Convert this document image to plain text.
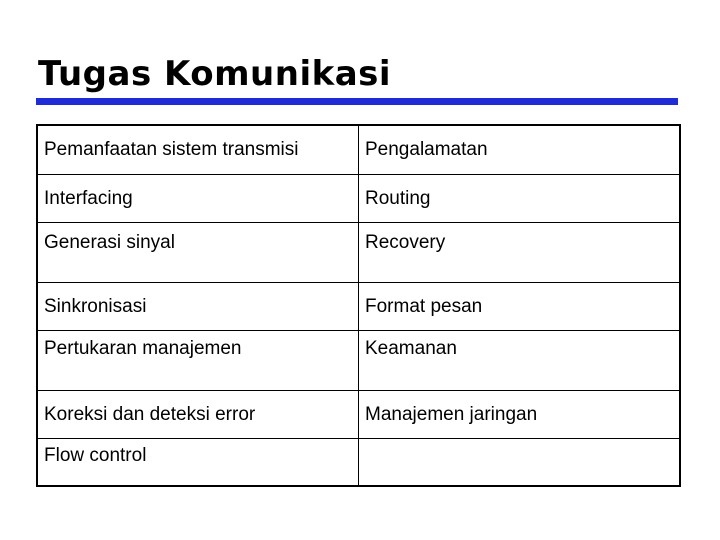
Tugas Komunikasi
Pemanfaatan sistem transmisi	Pengalamatan
Interfacing	Routing
Generasi sinyal	Recovery
Sinkronisasi	Format pesan
Pertukaran manajemen	Keamanan
Koreksi dan deteksi error	Manajemen jaringan
Flow control
